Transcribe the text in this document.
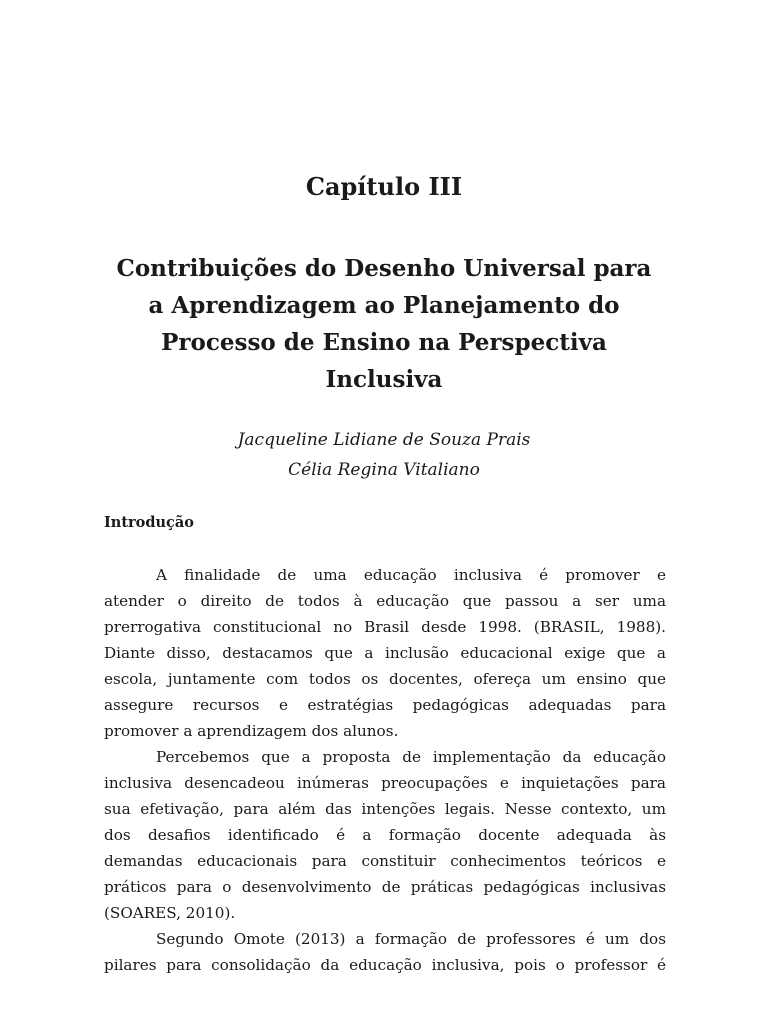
Capítulo III
Contribuições do Desenho Universal para
a Aprendizagem ao Planejamento do
Processo de Ensino na Perspectiva
Inclusiva
Jacqueline Lidiane de Souza Prais
Célia Regina Vitaliano
Introdução
A finalidade de uma educação inclusiva é promover e
atender o direito de todos à educação que passou a ser uma
prerrogativa constitucional no Brasil desde 1998. (BRASIL, 1988).
Diante disso, destacamos que a inclusão educacional exige que a
escola, juntamente com todos os docentes, ofereça um ensino que
assegure recursos e estratégias pedagógicas adequadas para
promover a aprendizagem dos alunos.
Percebemos que a proposta de implementação da educação
inclusiva desencadeou inúmeras preocupações e inquietações para
sua efetivação, para além das intenções legais. Nesse contexto, um
dos desafios identificado é a formação docente adequada às
demandas educacionais para constituir conhecimentos teóricos e
práticos para o desenvolvimento de práticas pedagógicas inclusivas
(SOARES, 2010).
Segundo Omote (2013) a formação de professores é um dos
pilares para consolidação da educação inclusiva, pois o professor é
